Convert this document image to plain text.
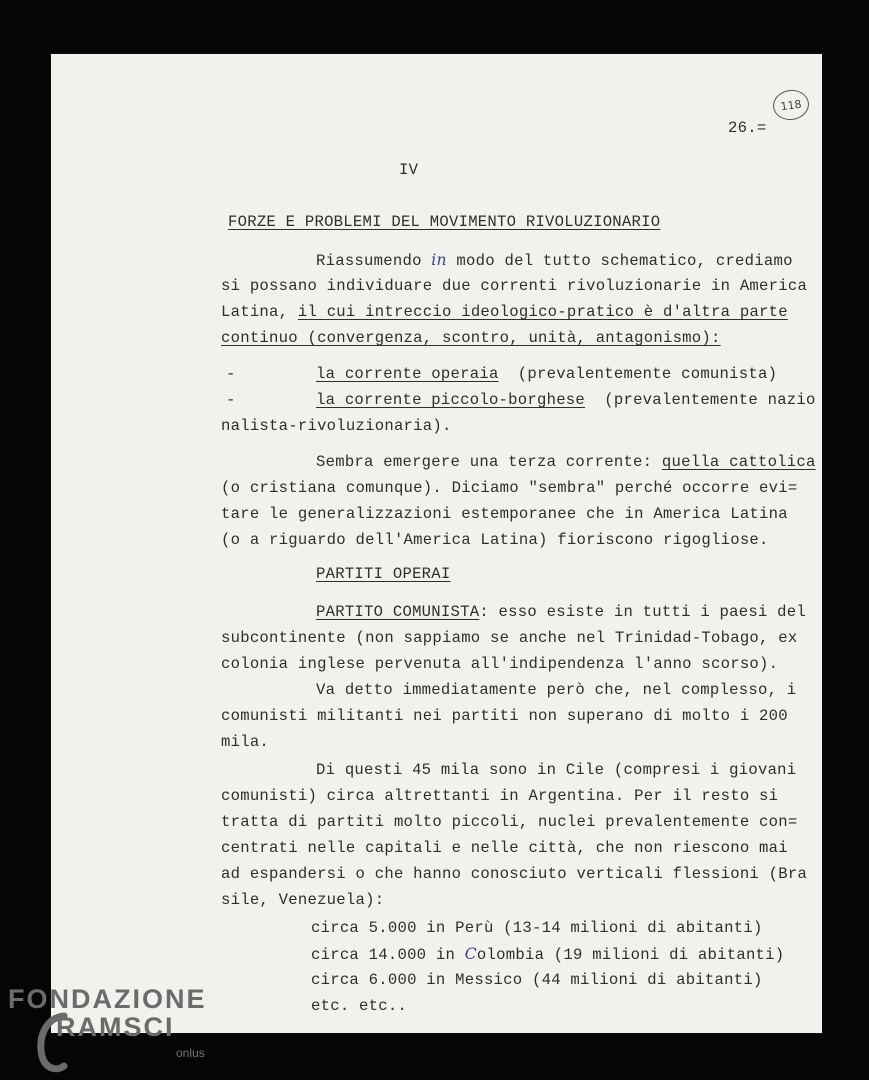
118
26.=
IV
FORZE E PROBLEMI DEL MOVIMENTO RIVOLUZIONARIO
Riassumendo in modo del tutto schematico, crediamo
si possano individuare due correnti rivoluzionarie in America
Latina, il cui intreccio ideologico-pratico è d'altra parte
continuo (convergenza, scontro, unità, antagonismo):
-	la corrente operaia (prevalentemente comunista)
-	la corrente piccolo-borghese (prevalentemente nazio
nalista-rivoluzionaria).
Sembra emergere una terza corrente: quella cattolica
(o cristiana comunque). Diciamo "sembra" perché occorre evi=
tare le generalizzazioni estemporanee che in America Latina
(o a riguardo dell'America Latina) fioriscono rigogliose.
PARTITI OPERAI
PARTITO COMUNISTA: esso esiste in tutti i paesi del
subcontinente (non sappiamo se anche nel Trinidad-Tobago, ex
colonia inglese pervenuta all'indipendenza l'anno scorso).
Va detto immediatamente però che, nel complesso, i
comunisti militanti nei partiti non superano di molto i 200
mila.
Di questi 45 mila sono in Cile (compresi i giovani
comunisti) circa altrettanti in Argentina. Per il resto si
tratta di partiti molto piccoli, nuclei prevalentemente con=
centrati nelle capitali e nelle città, che non riescono mai
ad espandersi o che hanno conosciuto verticali flessioni (Bra
sile, Venezuela):
circa 5.000 in Perù (13-14 milioni di abitanti)
circa 14.000 in Colombia (19 milioni di abitanti)
circa 6.000 in Messico (44 milioni di abitanti)
etc. etc..
FONDAZIONE
RAMSCI
onlus
